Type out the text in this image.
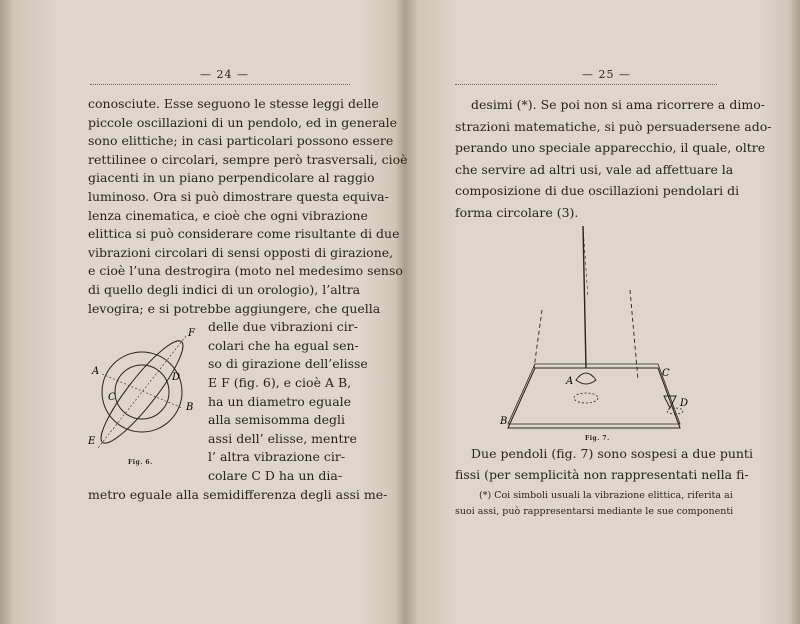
— 24 —
conosciute. Esse seguono le stesse leggi delle
piccole oscillazioni di un pendolo, ed in generale
sono elittiche; in casi particolari possono essere
rettilinee o circolari, sempre però trasversali, cioè
giacenti in un piano perpendicolare al raggio
luminoso. Ora si può dimostrare questa equiva-
lenza cinematica, e cioè che ogni vibrazione
elittica si può considerare come risultante di due
vibrazioni circolari di sensi opposti di girazione,
e cioè l’una destrogira (moto nel medesimo senso
di quello degli indici di un orologio), l’altra
levogira; e si potrebbe aggiungere, che quella
delle due vibrazioni cir-
colari che ha egual sen-
so di girazione dell’elisse
E F (fig. 6), e cioè A B,
ha un diametro eguale
alla semisomma degli
assi dell’ elisse, mentre
l’ altra vibrazione cir-
colare C D ha un dia-
metro eguale alla semidifferenza degli assi me-
F
A
D
C
B
E
Fig. 6.
— 25 —
desimi (*). Se poi non si ama ricorrere a dimo-
strazioni matematiche, si può persuadersene ado-
perando uno speciale apparecchio, il quale, oltre
che servire ad altri usi, vale ad affettuare la
composizione di due oscillazioni pendolari di
forma circolare (3).
A
B
C
D
Fig. 7.
Due pendoli (fig. 7) sono sospesi a due punti
fissi (per semplicità non rappresentati nella fi-
(*) Coi simboli usuali la vibrazione elittica, riferita ai
suoi assi, può rappresentarsi mediante le sue componenti
